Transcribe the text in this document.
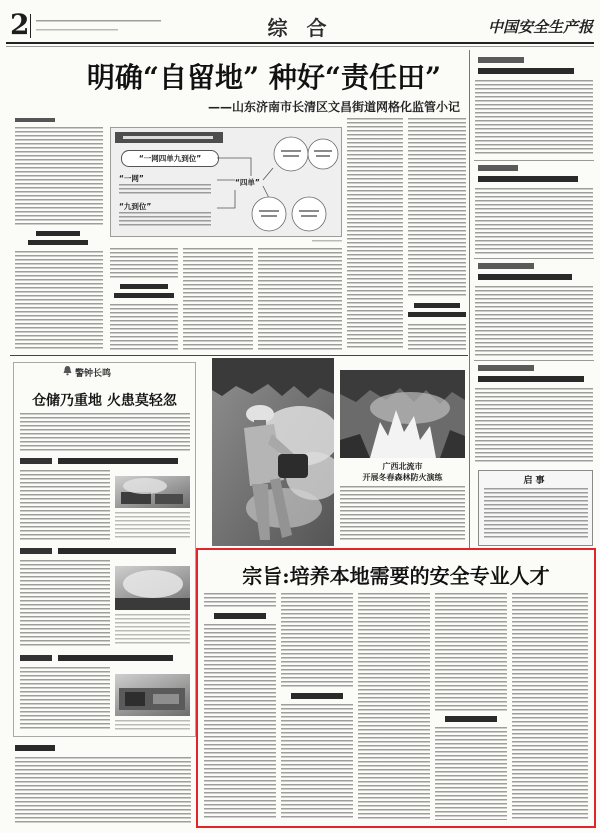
2	综 合	中国安全生产报
明确“自留地” 种好“责任田”
——山东济南市长清区文昌街道网格化监管小记
“一网四单九到位”
“一网”
“九到位”
“四单”
启事
警钟长鸣
仓储乃重地 火患莫轻忽
广西北流市
开展冬春森林防火演练
宗旨:培养本地需要的安全专业人才
